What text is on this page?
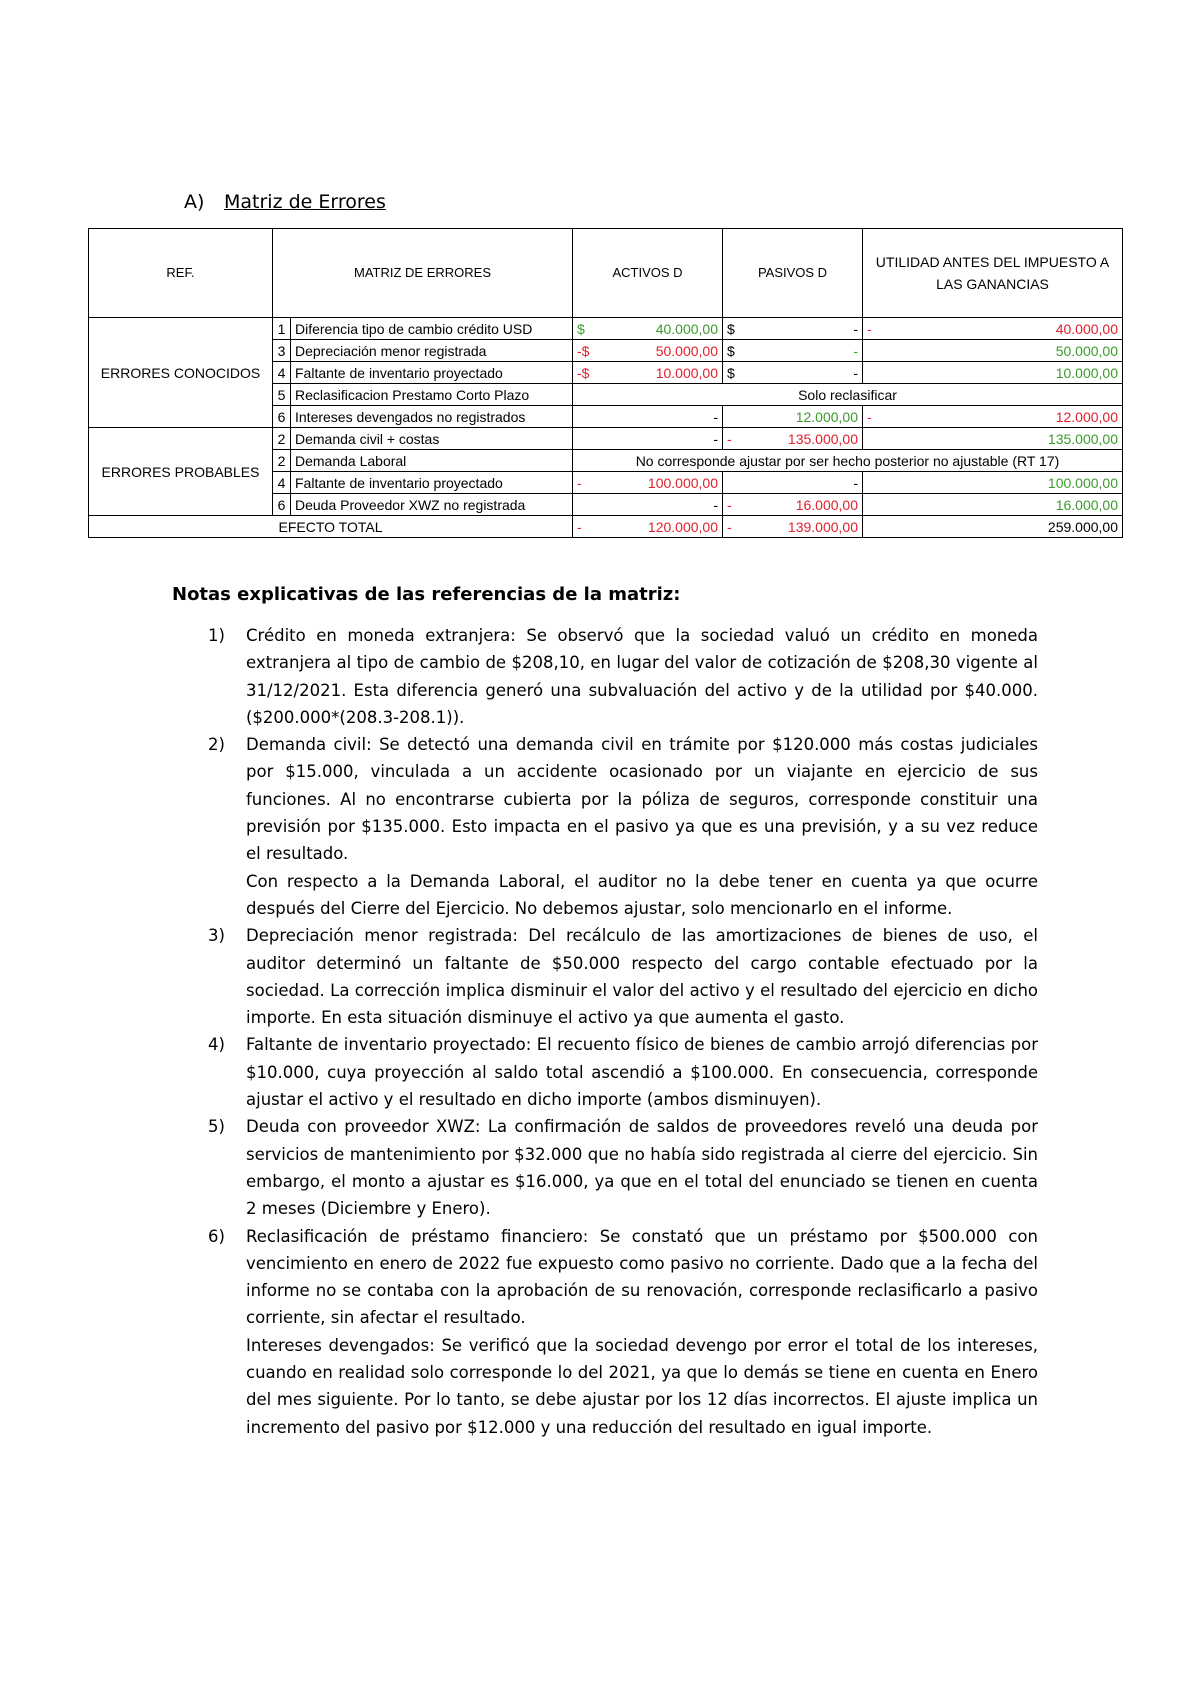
A) Matriz de Errores
REF.	MATRIZ DE ERRORES		ACTIVOS D	PASIVOS D	UTILIDAD ANTES DEL IMPUESTO A LAS GANANCIAS
ERRORES CONOCIDOS	1	Diferencia tipo de cambio crédito USD	$ 40.000,00	$ -	- 40.000,00
	3	Depreciación menor registrada	-$ 50.000,00	$ -	50.000,00
	4	Faltante de inventario proyectado	-$ 10.000,00	$ -	10.000,00
	5	Reclasificacion Prestamo Corto Plazo	Solo reclasificar		
	6	Intereses devengados no registrados	-	12.000,00	- 12.000,00
ERRORES PROBABLES	2	Demanda civil + costas	-	- 135.000,00	135.000,00
	2	Demanda Laboral	No corresponde ajustar por ser hecho posterior no ajustable (RT 17)		
	4	Faltante de inventario proyectado	- 100.000,00	-	100.000,00
	6	Deuda Proveedor XWZ no registrada	-	- 16.000,00	16.000,00
EFECTO TOTAL			- 120.000,00	- 139.000,00	259.000,00
Notas explicativas de las referencias de la matriz:
1) Crédito en moneda extranjera: Se observó que la sociedad valuó un crédito en moneda extranjera al tipo de cambio de $208,10, en lugar del valor de cotización de $208,30 vigente al 31/12/2021. Esta diferencia generó una subvaluación del activo y de la utilidad por $40.000. ($200.000*(208.3-208.1)).

2) Demanda civil: Se detectó una demanda civil en trámite por $120.000 más costas judiciales por $15.000, vinculada a un accidente ocasionado por un viajante en ejercicio de sus funciones. Al no encontrarse cubierta por la póliza de seguros, corresponde constituir una previsión por $135.000. Esto impacta en el pasivo ya que es una previsión, y a su vez reduce el resultado.

Con respecto a la Demanda Laboral, el auditor no la debe tener en cuenta ya que ocurre después del Cierre del Ejercicio. No debemos ajustar, solo mencionarlo en el informe.

3) Depreciación menor registrada: Del recálculo de las amortizaciones de bienes de uso, el auditor determinó un faltante de $50.000 respecto del cargo contable efectuado por la sociedad. La corrección implica disminuir el valor del activo y el resultado del ejercicio en dicho importe. En esta situación disminuye el activo ya que aumenta el gasto.

4) Faltante de inventario proyectado: El recuento físico de bienes de cambio arrojó diferencias por $10.000, cuya proyección al saldo total ascendió a $100.000. En consecuencia, corresponde ajustar el activo y el resultado en dicho importe (ambos disminuyen).

5) Deuda con proveedor XWZ: La confirmación de saldos de proveedores reveló una deuda por servicios de mantenimiento por $32.000 que no había sido registrada al cierre del ejercicio. Sin embargo, el monto a ajustar es $16.000, ya que en el total del enunciado se tienen en cuenta 2 meses (Diciembre y Enero).

6) Reclasificación de préstamo financiero: Se constató que un préstamo por $500.000 con vencimiento en enero de 2022 fue expuesto como pasivo no corriente. Dado que a la fecha del informe no se contaba con la aprobación de su renovación, corresponde reclasificarlo a pasivo corriente, sin afectar el resultado.

Intereses devengados: Se verificó que la sociedad devengo por error el total de los intereses, cuando en realidad solo corresponde lo del 2021, ya que lo demás se tiene en cuenta en Enero del mes siguiente. Por lo tanto, se debe ajustar por los 12 días incorrectos. El ajuste implica un incremento del pasivo por $12.000 y una reducción del resultado en igual importe.
